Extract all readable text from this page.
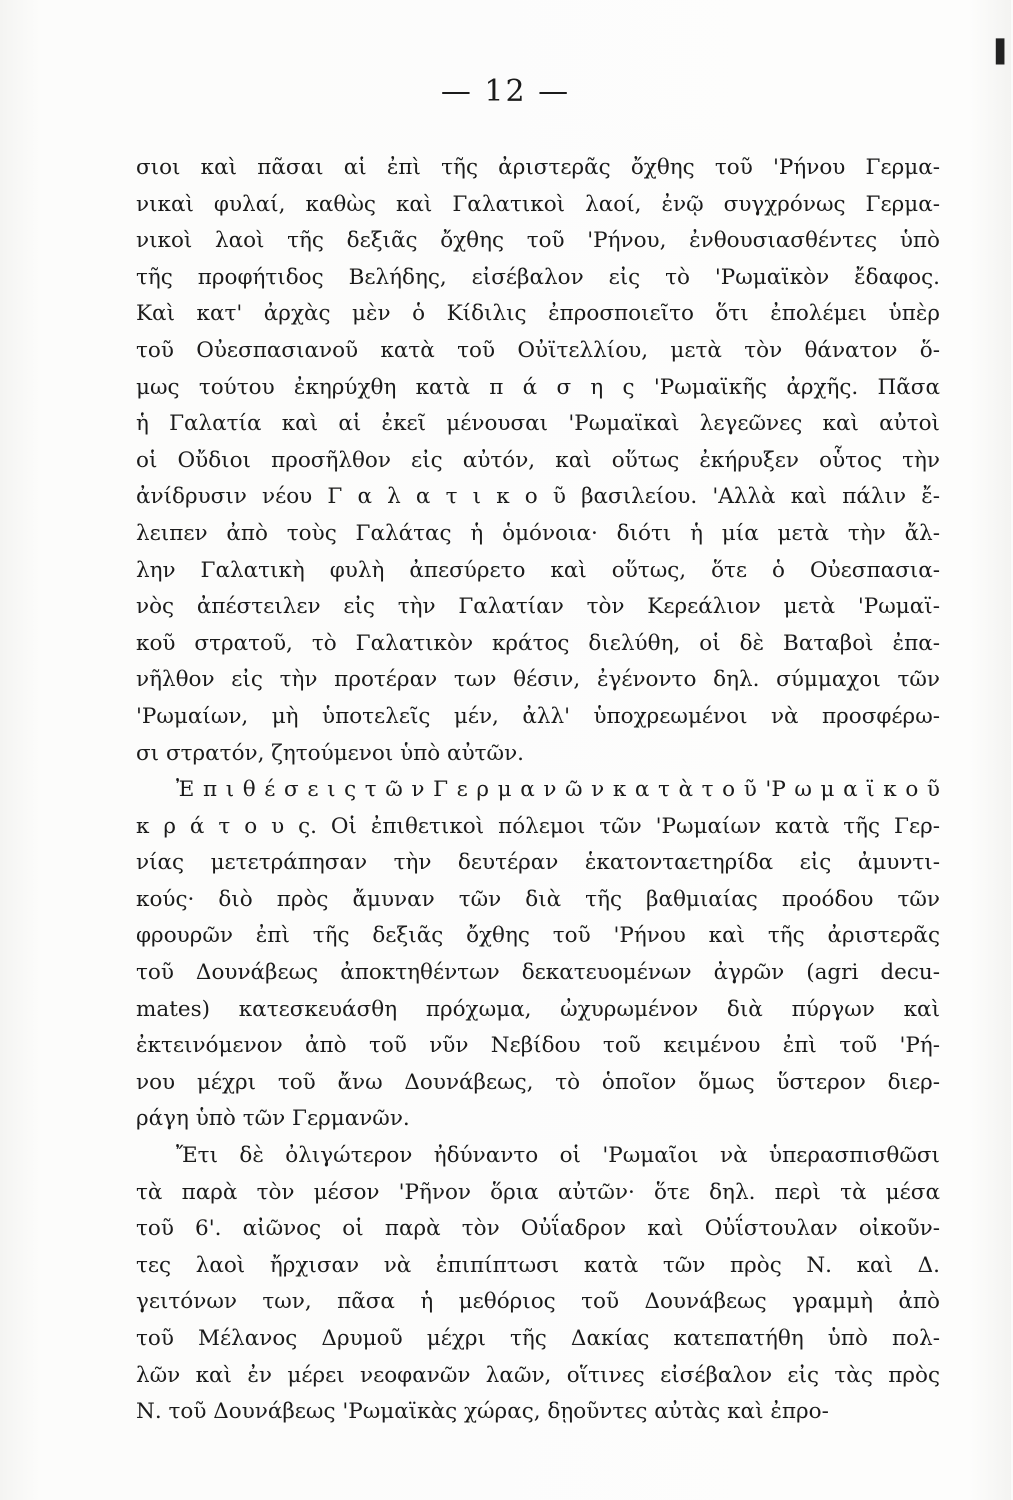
— 12 —
σιοι καὶ πᾶσαι αἱ ἐπὶ τῆς ἀριστερᾶς ὄχθης τοῦ 'Ρήνου Γερμα-
νικαὶ φυλαί, καθὼς καὶ Γαλατικοὶ λαοί, ἐνῷ συγχρόνως Γερμα-
νικοὶ λαοὶ τῆς δεξιᾶς ὄχθης τοῦ 'Ρήνου, ἐνθουσιασθέντες ὑπὸ
τῆς προφήτιδος Βελήδης, εἰσέβαλον εἰς τὸ 'Ρωμαϊκὸν ἔδαφος.
Καὶ κατ' ἀρχὰς μὲν ὁ Κίδιλις ἐπροσποιεῖτο ὅτι ἐπολέμει ὑπὲρ
τοῦ Οὐεσπασιανοῦ κατὰ τοῦ Οὐϊτελλίου, μετὰ τὸν θάνατον ὅ-
μως τούτου ἐκηρύχθη κατὰ π ά σ η ς 'Ρωμαϊκῆς ἀρχῆς. Πᾶσα
ἡ Γαλατία καὶ αἱ ἐκεῖ μένουσαι 'Ρωμαϊκαὶ λεγεῶνες καὶ αὐτοὶ
οἱ Οὔδιοι προσῆλθον εἰς αὐτόν, καὶ οὕτως ἐκήρυξεν οὗτος τὴν
ἀνίδρυσιν νέου Γ α λ α τ ι κ ο ῦ βασιλείου. 'Αλλὰ καὶ πάλιν ἔ-
λειπεν ἀπὸ τοὺς Γαλάτας ἡ ὁμόνοια· διότι ἡ μία μετὰ τὴν ἄλ-
λην Γαλατικὴ φυλὴ ἀπεσύρετο καὶ οὕτως, ὅτε ὁ Οὐεσπασια-
νὸς ἀπέστειλεν εἰς τὴν Γαλατίαν τὸν Κερεάλιον μετὰ 'Ρωμαϊ-
κοῦ στρατοῦ, τὸ Γαλατικὸν κράτος διελύθη, οἱ δὲ Βαταβοὶ ἐπα-
νῆλθον εἰς τὴν προτέραν των θέσιν, ἐγένοντο δηλ. σύμμαχοι τῶν
'Ρωμαίων, μὴ ὑποτελεῖς μέν, ἀλλ' ὑποχρεωμένοι νὰ προσφέρω-
σι στρατόν, ζητούμενοι ὑπὸ αὐτῶν.
Ἐ π ι θ έ σ ε ι ς τ ῶ ν Γ ε ρ μ α ν ῶ ν κ α τ ὰ τ ο ῦ 'Ρ ω μ α ϊ κ ο ῦ
κ ρ ά τ ο υ ς. Οἱ ἐπιθετικοὶ πόλεμοι τῶν 'Ρωμαίων κατὰ τῆς Γερ-
νίας μετετράπησαν τὴν δευτέραν ἑκατονταετηρίδα εἰς ἀμυντι-
κούς· διὸ πρὸς ἄμυναν τῶν διὰ τῆς βαθμιαίας προόδου τῶν
φρουρῶν ἐπὶ τῆς δεξιᾶς ὄχθης τοῦ 'Ρήνου καὶ τῆς ἀριστερᾶς
τοῦ Δουνάβεως ἀποκτηθέντων δεκατευομένων ἀγρῶν (agri decu-
mates) κατεσκευάσθη πρόχωμα, ὠχυρωμένον διὰ πύργων καὶ
ἐκτεινόμενον ἀπὸ τοῦ νῦν Νεβίδου τοῦ κειμένου ἐπὶ τοῦ 'Ρή-
νου μέχρι τοῦ ἄνω Δουνάβεως, τὸ ὁποῖον ὅμως ὕστερον διερ-
ράγη ὑπὸ τῶν Γερμανῶν.
Ἔτι δὲ ὀλιγώτερον ἠδύναντο οἱ 'Ρωμαῖοι νὰ ὑπερασπισθῶσι
τὰ παρὰ τὸν μέσον 'Ρῆνον ὅρια αὐτῶν· ὅτε δηλ. περὶ τὰ μέσα
τοῦ 6'. αἰῶνος οἱ παρὰ τὸν Οὐΐαδρον καὶ Οὐΐστουλαν οἰκοῦν-
τες λαοὶ ἤρχισαν νὰ ἐπιπίπτωσι κατὰ τῶν πρὸς Ν. καὶ Δ.
γειτόνων των, πᾶσα ἡ μεθόριος τοῦ Δουνάβεως γραμμὴ ἀπὸ
τοῦ Μέλανος Δρυμοῦ μέχρι τῆς Δακίας κατεπατήθη ὑπὸ πολ-
λῶν καὶ ἐν μέρει νεοφανῶν λαῶν, οἵτινες εἰσέβαλον εἰς τὰς πρὸς
Ν. τοῦ Δουνάβεως 'Ρωμαϊκὰς χώρας, δῃοῦντες αὐτὰς καὶ ἐπρο-
▌
